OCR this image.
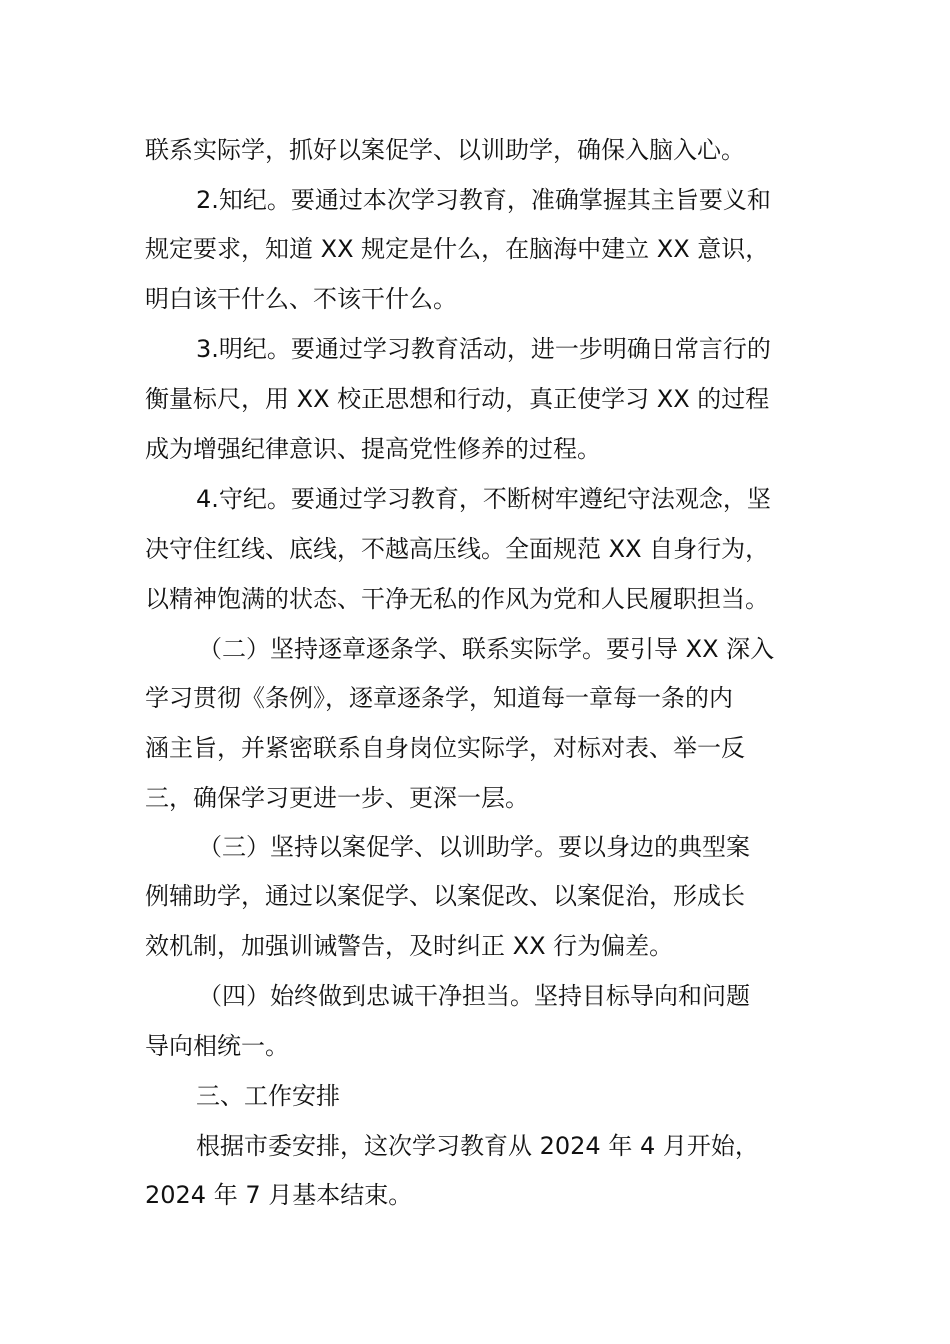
联系实际学，抓好以案促学、以训助学，确保入脑入心。
2.知纪。要通过本次学习教育，准确掌握其主旨要义和
规定要求，知道 XX 规定是什么，在脑海中建立 XX 意识，
明白该干什么、不该干什么。
3.明纪。要通过学习教育活动，进一步明确日常言行的
衡量标尺，用 XX 校正思想和行动，真正使学习 XX 的过程
成为增强纪律意识、提高党性修养的过程。
4.守纪。要通过学习教育，不断树牢遵纪守法观念，坚
决守住红线、底线，不越高压线。全面规范 XX 自身行为，
以精神饱满的状态、干净无私的作风为党和人民履职担当。
（二）坚持逐章逐条学、联系实际学。要引导 XX 深入
学习贯彻《条例》，逐章逐条学，知道每一章每一条的内
涵主旨，并紧密联系自身岗位实际学，对标对表、举一反
三，确保学习更进一步、更深一层。
（三）坚持以案促学、以训助学。要以身边的典型案
例辅助学，通过以案促学、以案促改、以案促治，形成长
效机制，加强训诫警告，及时纠正 XX 行为偏差。
（四）始终做到忠诚干净担当。坚持目标导向和问题
导向相统一。
三、工作安排
根据市委安排，这次学习教育从 2024 年 4 月开始，
2024 年 7 月基本结束。
